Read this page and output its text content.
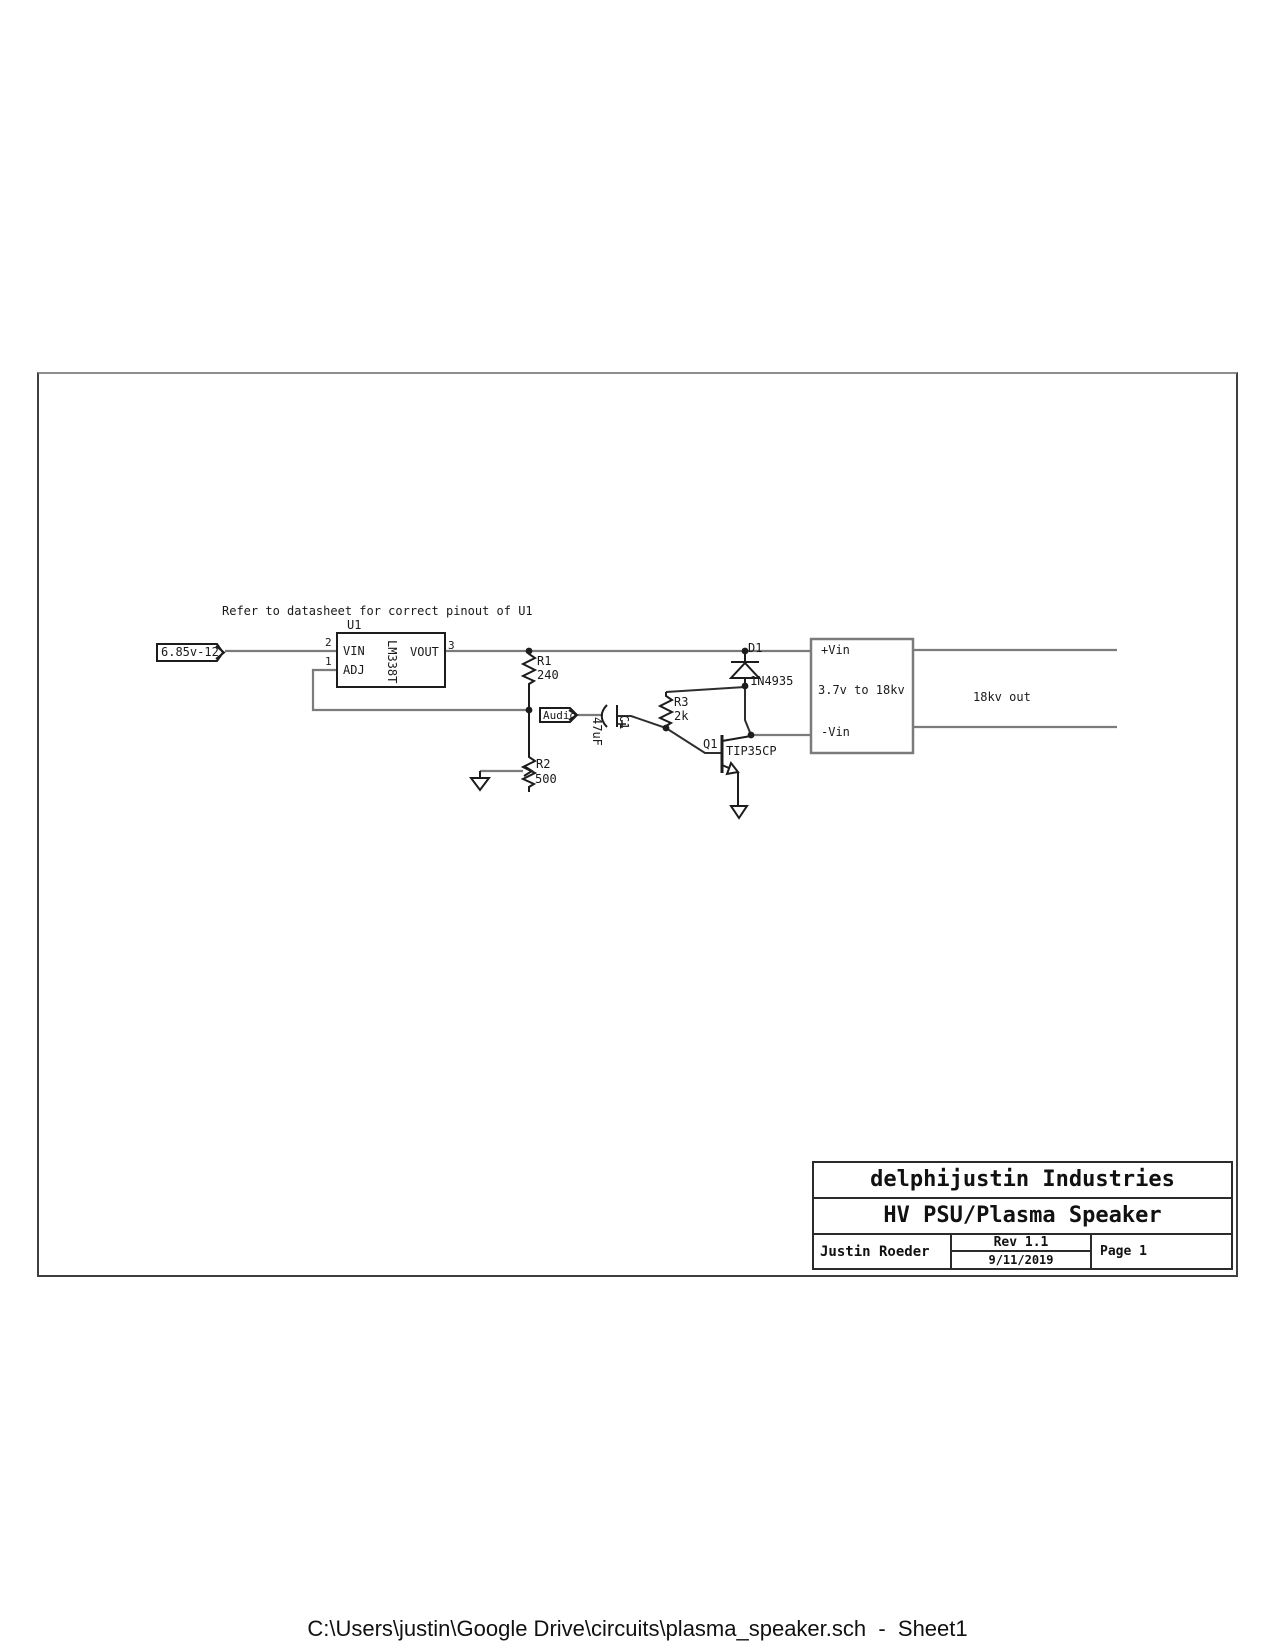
Refer to datasheet for correct pinout of U1
6.85v-12
U1
2
1
3
VIN
ADJ
VOUT
LM338T	R1
240
R2
500
Audio
47uF C1
R3
2k
D1
1N4935
Q1 TIP35CP
+Vin
3.7v to 18kv
-Vin
18kv out
delphijustin Industries
HV PSU/Plasma Speaker
Justin Roeder
Rev 1.1
9/11/2019
Page 1
C:\Users\justin\Google Drive\circuits\plasma_speaker.sch  -  Sheet1
